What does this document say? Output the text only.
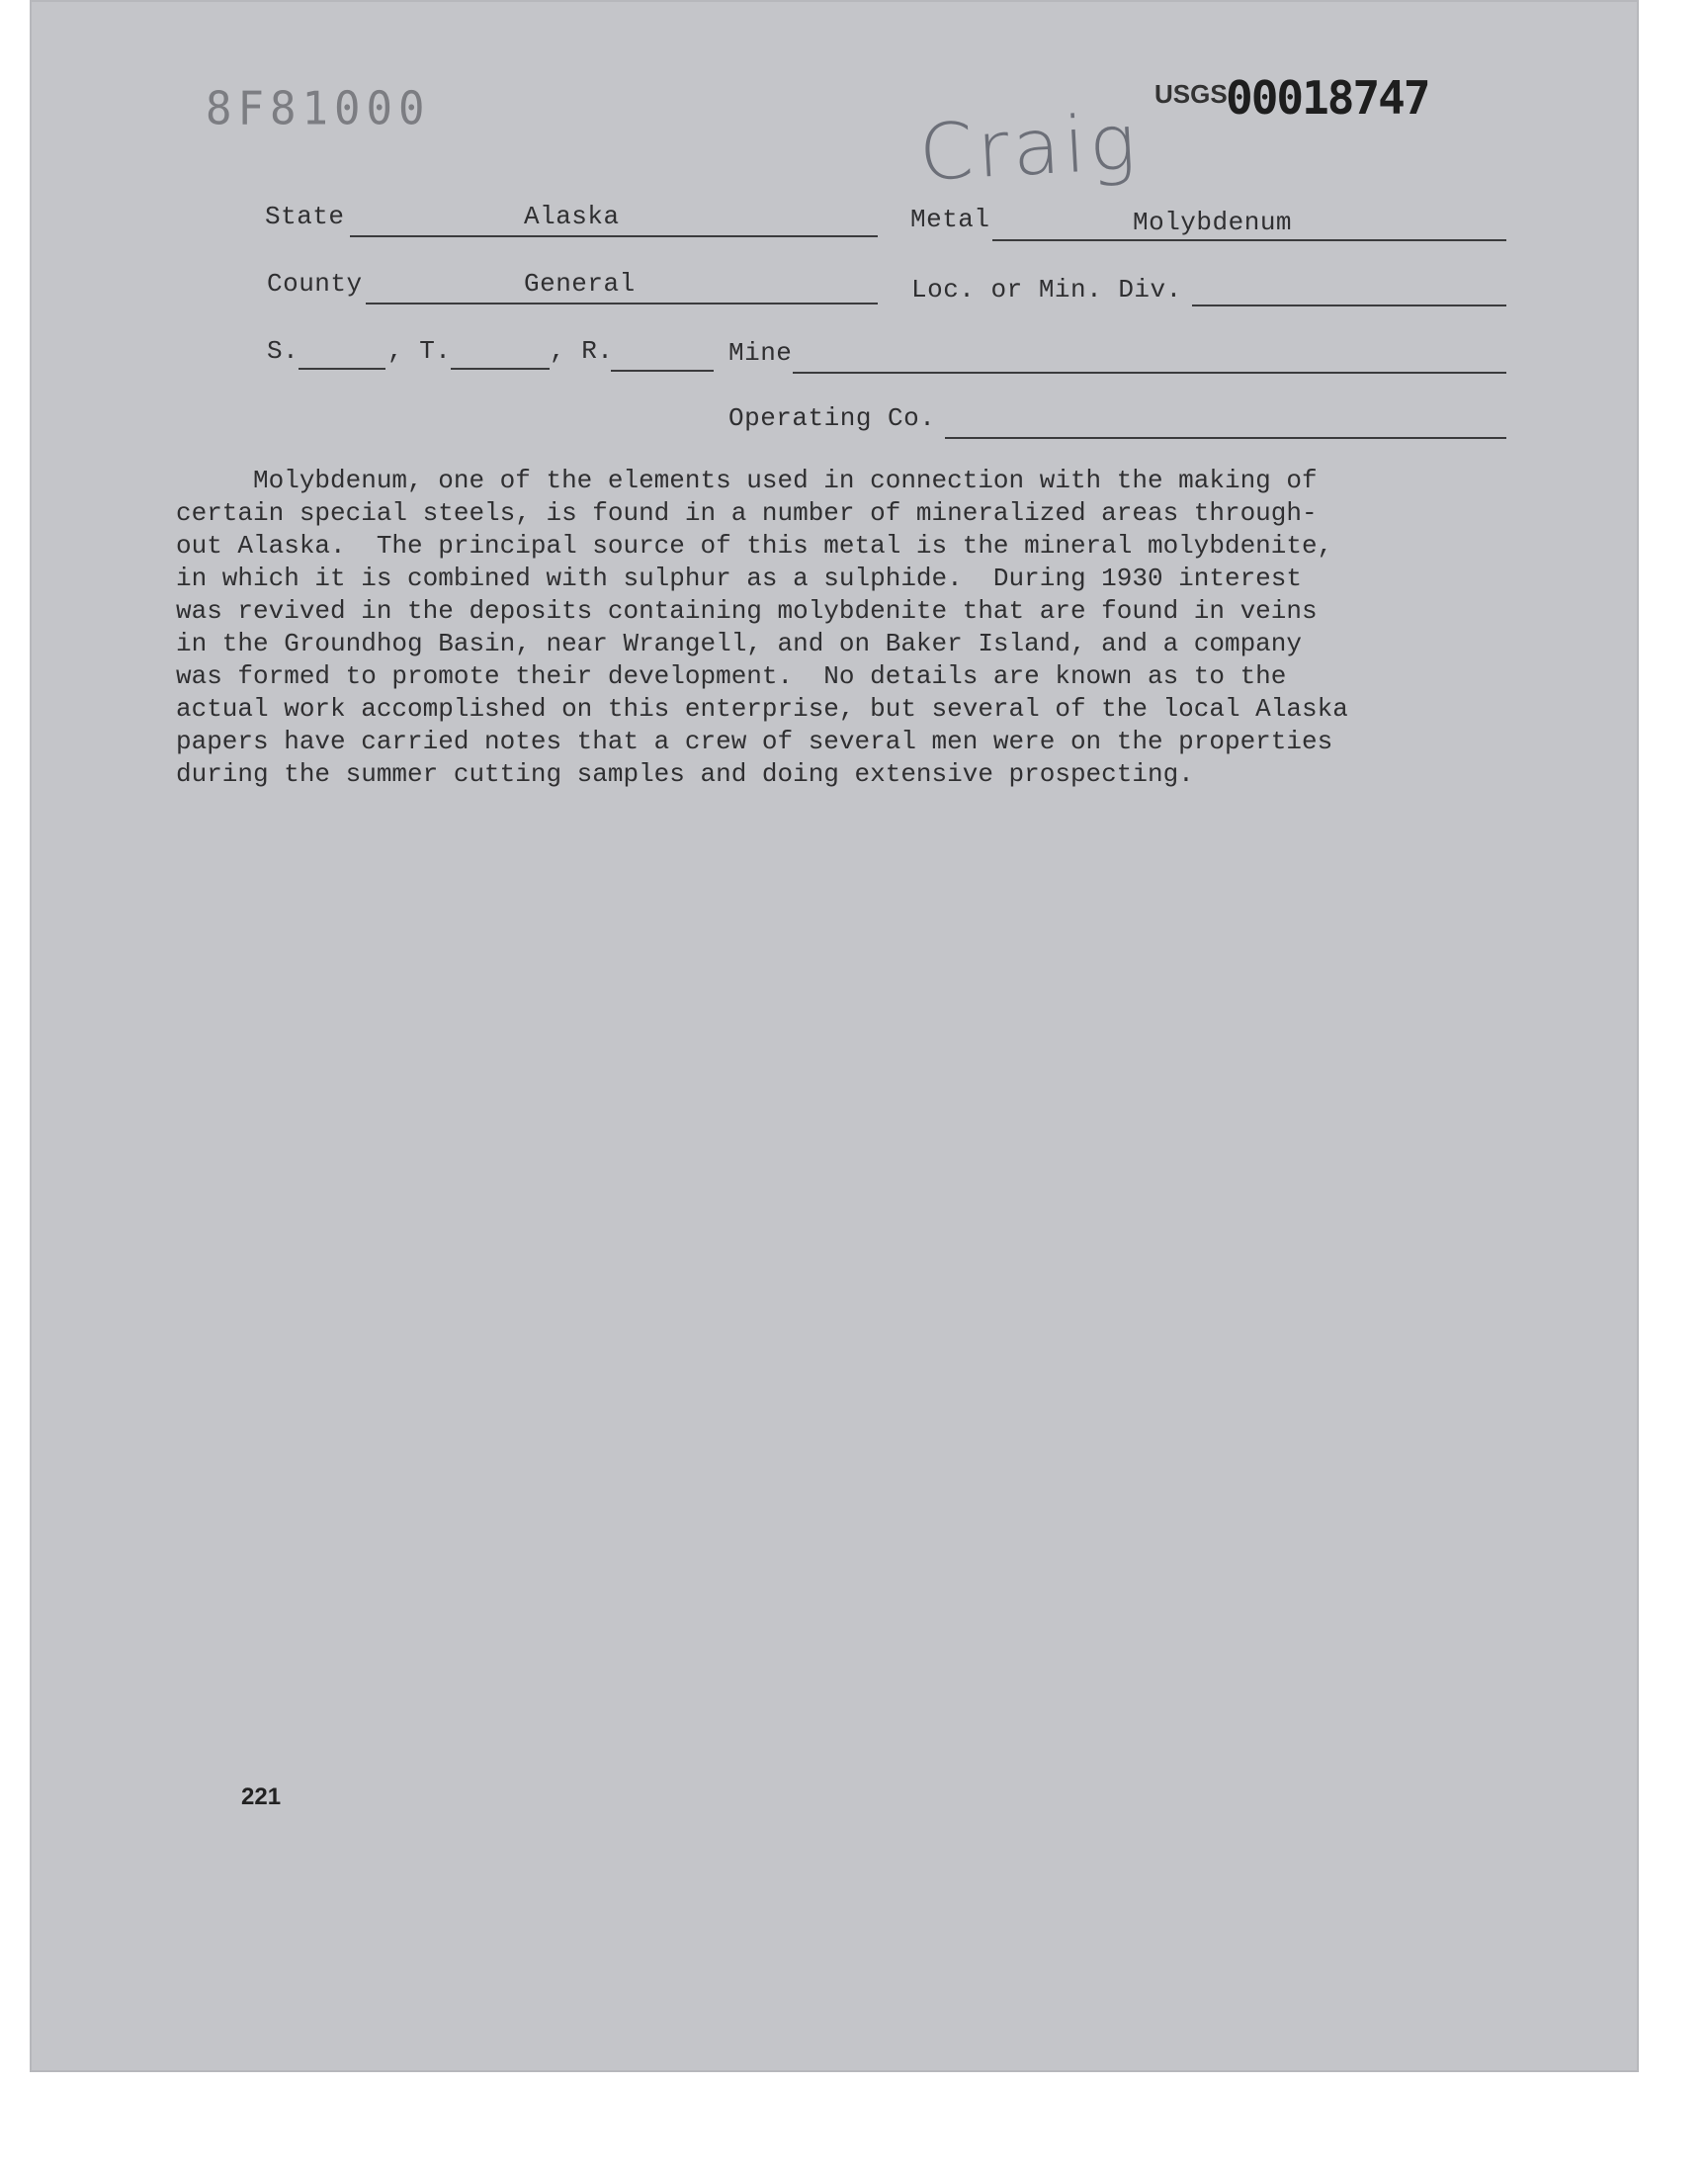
8F81000	USGS
00018747
Craig
State	Alaska	Metal	Molybdenum
County	General	Loc. or Min. Div.
S.	, T.	, R.	Mine
Operating Co.
Molybdenum, one of the elements used in connection with the making of
certain special steels, is found in a number of mineralized areas through-
out Alaska.  The principal source of this metal is the mineral molybdenite,
in which it is combined with sulphur as a sulphide.  During 1930 interest
was revived in the deposits containing molybdenite that are found in veins
in the Groundhog Basin, near Wrangell, and on Baker Island, and a company
was formed to promote their development.  No details are known as to the
actual work accomplished on this enterprise, but several of the local Alaska
papers have carried notes that a crew of several men were on the properties
during the summer cutting samples and doing extensive prospecting.
221
